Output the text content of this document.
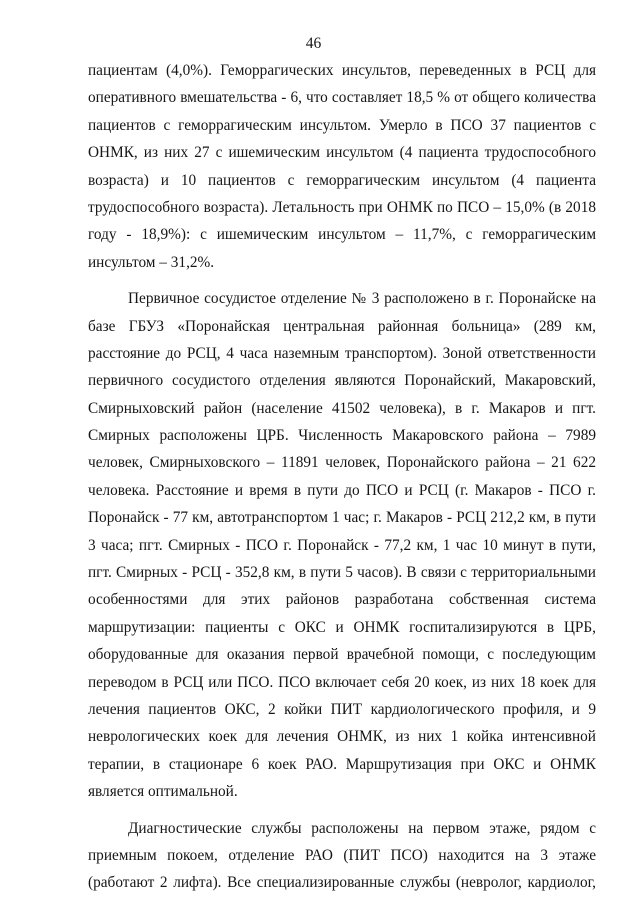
46
пациентам (4,0%). Геморрагических инсультов, переведенных в РСЦ для
оперативного вмешательства - 6, что составляет 18,5 % от общего количества
пациентов с геморрагическим инсультом. Умерло в ПСО 37 пациентов с
ОНМК, из них 27 с ишемическим инсультом (4 пациента трудоспособного
возраста) и 10 пациентов с геморрагическим инсультом (4 пациента
трудоспособного возраста). Летальность при ОНМК по ПСО – 15,0% (в 2018
году - 18,9%): с ишемическим инсультом – 11,7%, с геморрагическим
инсультом – 31,2%.
Первичное сосудистое отделение № 3 расположено в г. Поронайске на
базе ГБУЗ «Поронайская центральная районная больница» (289 км,
расстояние до РСЦ, 4 часа наземным транспортом). Зоной ответственности
первичного сосудистого отделения являются Поронайский, Макаровский,
Смирныховский район (население 41502 человека), в г. Макаров и пгт.
Смирных расположены ЦРБ. Численность Макаровского района – 7989
человек, Смирныховского – 11891 человек, Поронайского района – 21 622
человека. Расстояние и время в пути до ПСО и РСЦ (г. Макаров - ПСО г.
Поронайск - 77 км, автотранспортом 1 час; г. Макаров - РСЦ 212,2 км, в пути
3 часа; пгт. Смирных - ПСО г. Поронайск - 77,2 км, 1 час 10 минут в пути,
пгт. Смирных - РСЦ - 352,8 км, в пути 5 часов). В связи с территориальными
особенностями для этих районов разработана собственная система
маршрутизации: пациенты с ОКС и ОНМК госпитализируются в ЦРБ,
оборудованные для оказания первой врачебной помощи, с последующим
переводом в РСЦ или ПСО. ПСО включает себя 20 коек, из них 18 коек для
лечения пациентов ОКС, 2 койки ПИТ кардиологического профиля, и 9
неврологических коек для лечения ОНМК, из них 1 койка интенсивной
терапии, в стационаре 6 коек РАО. Маршрутизация при ОКС и ОНМК
является оптимальной.
Диагностические службы расположены на первом этаже, рядом с
приемным покоем, отделение РАО (ПИТ ПСО) находится на 3 этаже
(работают 2 лифта). Все специализированные службы (невролог, кардиолог,
